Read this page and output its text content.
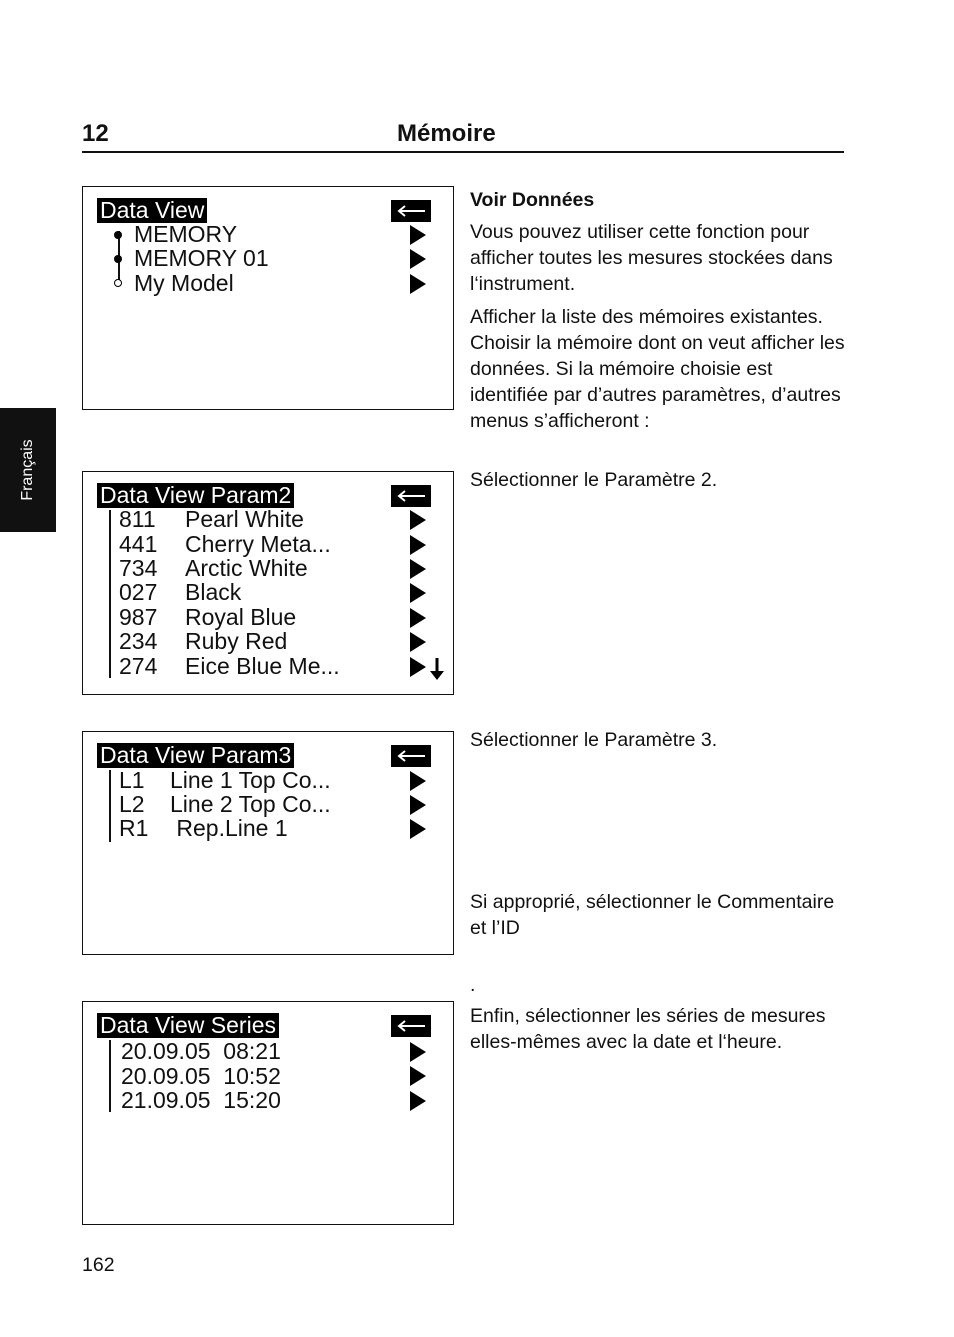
12	Mémoire
Français
Data View
MEMORY
MEMORY 01
My Model
Data View Param2
811 Pearl White
441 Cherry Meta...
734 Arctic White
027 Black
987 Royal Blue
234 Ruby Red
274 Eice Blue Me...
Data View Param3
L1 Line 1 Top Co...
L2 Line 2 Top Co...
R1 Rep.Line 1
Data View Series
20.09.05  08:21
20.09.05  10:52
21.09.05  15:20

Voir Données

Vous pouvez utiliser cette fonction pour afficher toutes les mesures stockées dans l‘instrument.

Afficher la liste des mémoires existantes. Choisir la mémoire dont on veut afficher les données. Si la mémoire choisie est identifiée par d’autres paramètres, d’autres menus s’afficheront :

Sélectionner le Paramètre 2.

Sélectionner le Paramètre 3.

Si approprié, sélectionner le Commentaire et l’ID

.

Enfin, sélectionner les séries de mesures elles-mêmes avec la date et l‘heure.

162
